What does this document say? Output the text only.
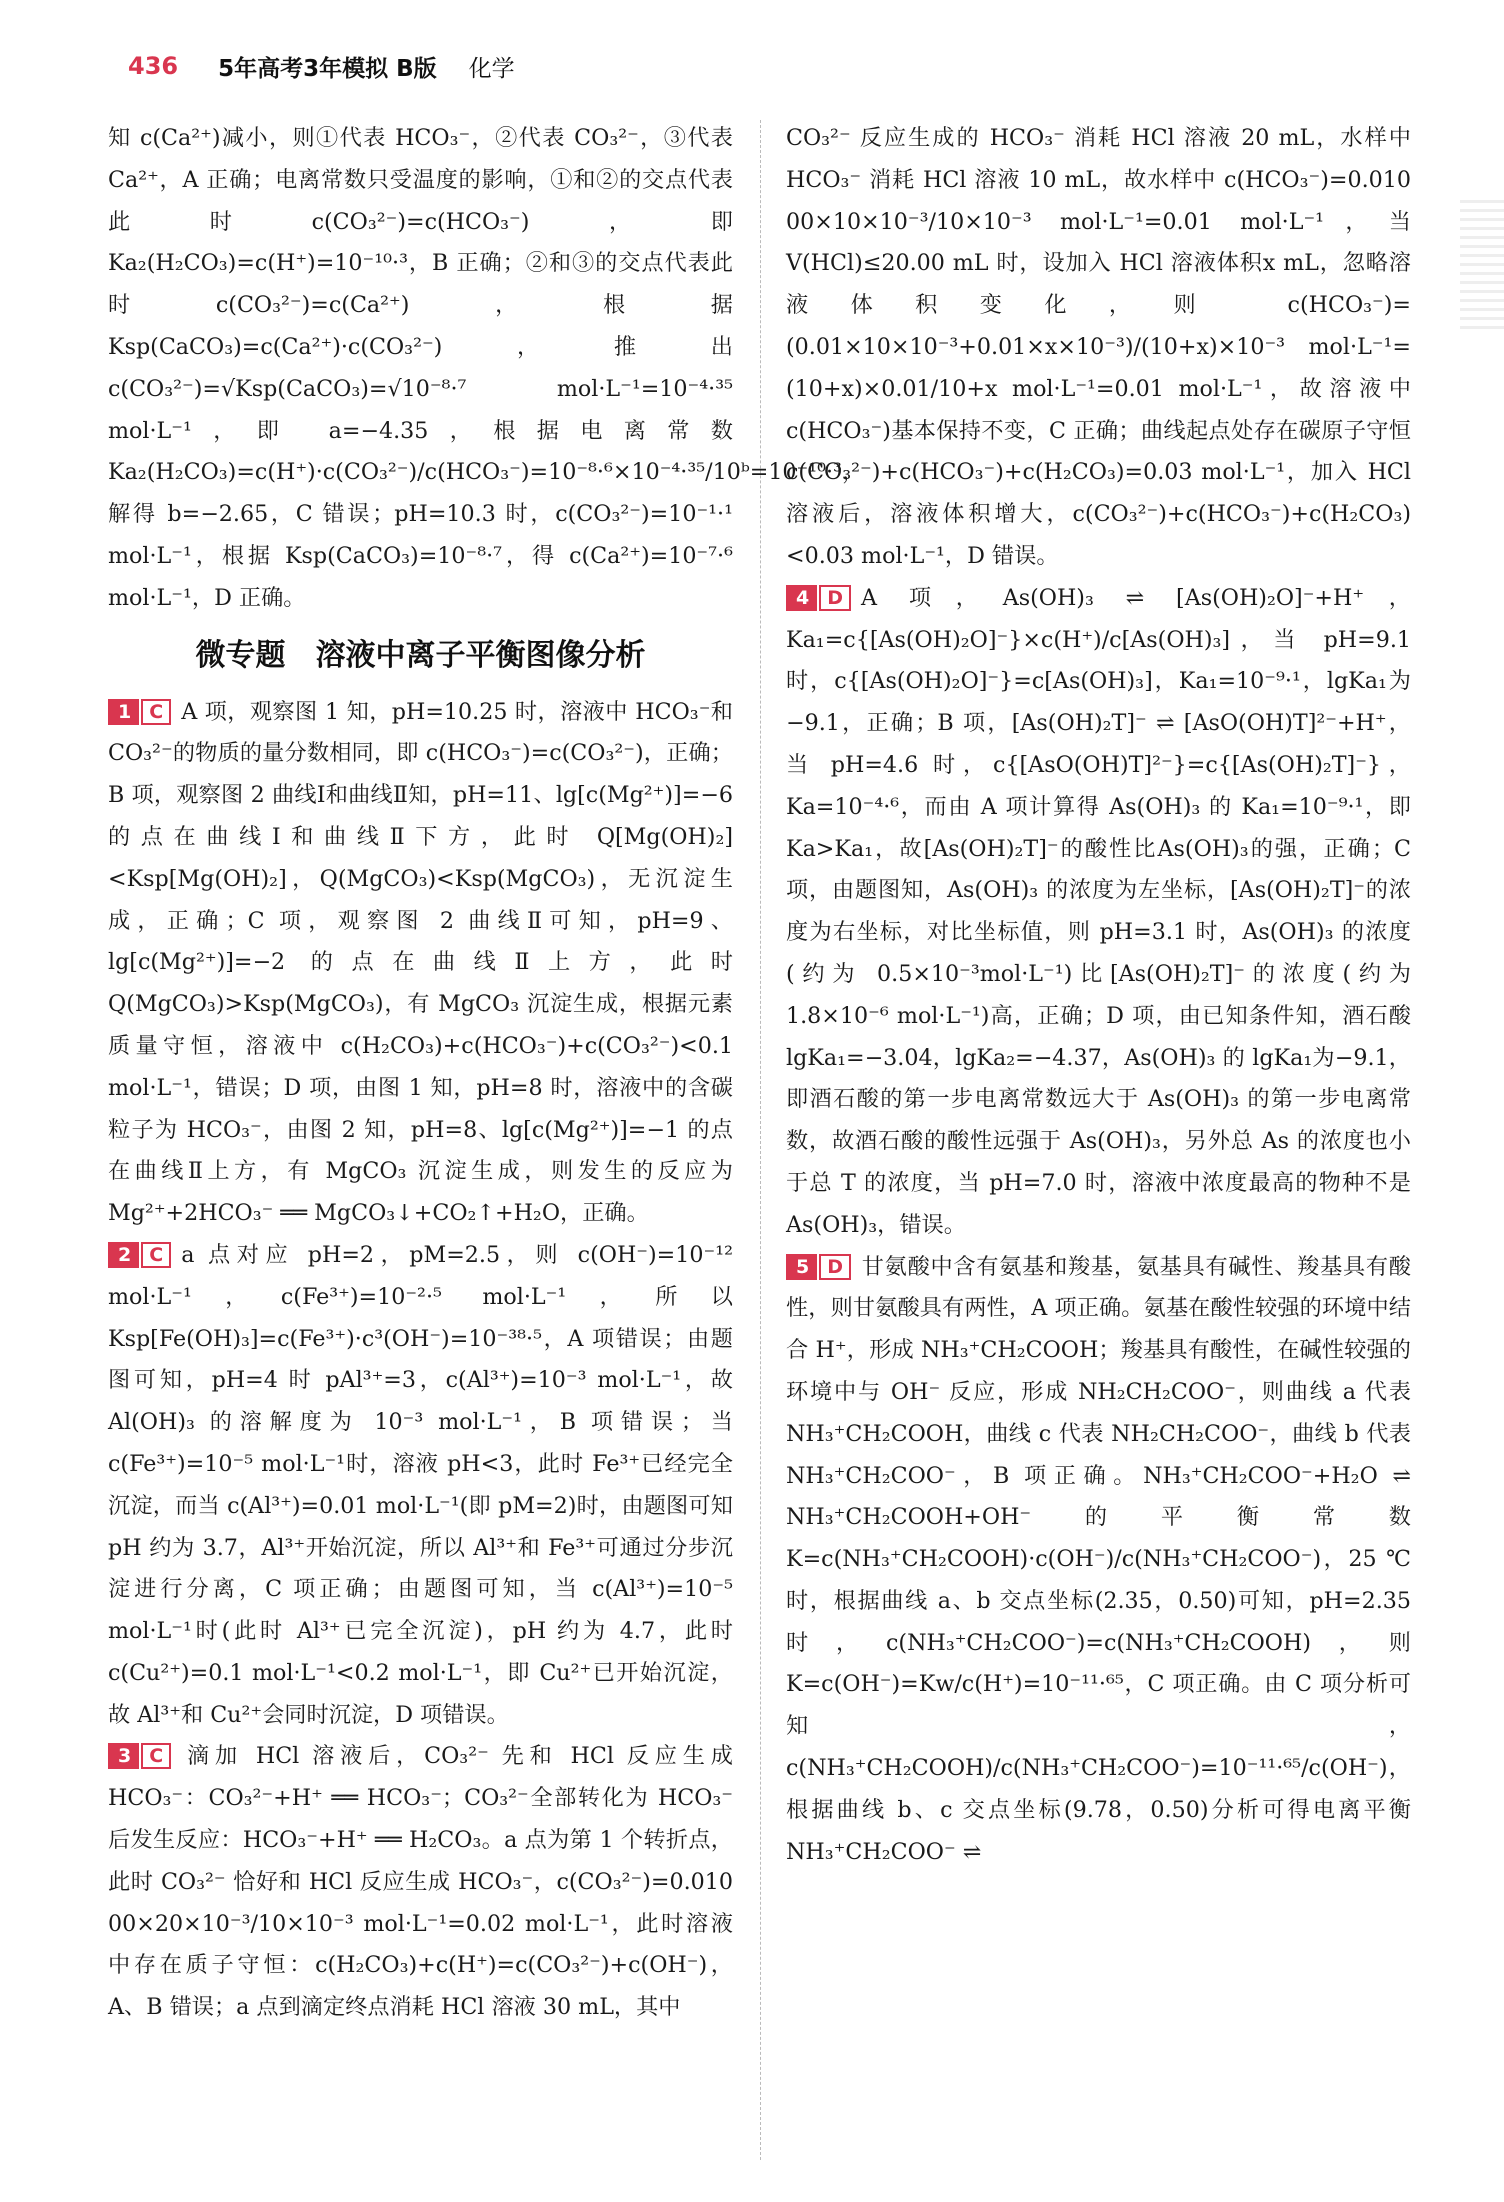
436 5年高考3年模拟 B版 化学

知 c(Ca²⁺)减小，则①代表 HCO₃⁻，②代表 CO₃²⁻，③代表 Ca²⁺，A 正确；电离常数只受温度的影响，①和②的交点代表此时c(CO₃²⁻)=c(HCO₃⁻)，即Ka₂(H₂CO₃)=c(H⁺)=10⁻¹⁰·³，B 正确；②和③的交点代表此时c(CO₃²⁻)=c(Ca²⁺)，根据 Ksp(CaCO₃)=c(Ca²⁺)·c(CO₃²⁻)，推出 c(CO₃²⁻)=√Ksp(CaCO₃)=√10⁻⁸·⁷ mol·L⁻¹=10⁻⁴·³⁵ mol·L⁻¹，即 a=−4.35，根据电离常数 Ka₂(H₂CO₃)=c(H⁺)·c(CO₃²⁻)/c(HCO₃⁻)=10⁻⁸·⁶×10⁻⁴·³⁵/10ᵇ=10⁻¹⁰·³，解得 b=−2.65，C 错误；pH=10.3 时，c(CO₃²⁻)=10⁻¹·¹ mol·L⁻¹，根据 Ksp(CaCO₃)=10⁻⁸·⁷，得 c(Ca²⁺)=10⁻⁷·⁶ mol·L⁻¹，D 正确。

微专题　溶液中离子平衡图像分析

1 C A 项，观察图 1 知，pH=10.25 时，溶液中 HCO₃⁻和 CO₃²⁻的物质的量分数相同，即 c(HCO₃⁻)=c(CO₃²⁻)，正确；B 项，观察图 2 曲线Ⅰ和曲线Ⅱ知，pH=11、lg[c(Mg²⁺)]=−6 的点在曲线Ⅰ和曲线Ⅱ下方，此时 Q[Mg(OH)₂]<Ksp[Mg(OH)₂]，Q(MgCO₃)<Ksp(MgCO₃)，无沉淀生成，正确；C 项，观察图 2 曲线Ⅱ可知，pH=9、lg[c(Mg²⁺)]=−2 的点在曲线Ⅱ上方，此时 Q(MgCO₃)>Ksp(MgCO₃)，有 MgCO₃ 沉淀生成，根据元素质量守恒，溶液中 c(H₂CO₃)+c(HCO₃⁻)+c(CO₃²⁻)<0.1 mol·L⁻¹，错误；D 项，由图 1 知，pH=8 时，溶液中的含碳粒子为 HCO₃⁻，由图 2 知，pH=8、lg[c(Mg²⁺)]=−1 的点在曲线Ⅱ上方，有 MgCO₃ 沉淀生成，则发生的反应为 Mg²⁺+2HCO₃⁻ ══ MgCO₃↓+CO₂↑+H₂O，正确。

2 C a 点对应 pH=2，pM=2.5，则 c(OH⁻)=10⁻¹² mol·L⁻¹，c(Fe³⁺)=10⁻²·⁵ mol·L⁻¹，所以 Ksp[Fe(OH)₃]=c(Fe³⁺)·c³(OH⁻)=10⁻³⁸·⁵，A 项错误；由题图可知，pH=4 时 pAl³⁺=3，c(Al³⁺)=10⁻³ mol·L⁻¹，故 Al(OH)₃ 的溶解度为 10⁻³ mol·L⁻¹，B 项错误；当 c(Fe³⁺)=10⁻⁵ mol·L⁻¹时，溶液 pH<3，此时 Fe³⁺已经完全沉淀，而当 c(Al³⁺)=0.01 mol·L⁻¹(即 pM=2)时，由题图可知 pH 约为 3.7，Al³⁺开始沉淀，所以 Al³⁺和 Fe³⁺可通过分步沉淀进行分离，C 项正确；由题图可知，当 c(Al³⁺)=10⁻⁵ mol·L⁻¹时(此时 Al³⁺已完全沉淀)，pH 约为 4.7，此时 c(Cu²⁺)=0.1 mol·L⁻¹<0.2 mol·L⁻¹，即 Cu²⁺已开始沉淀，故 Al³⁺和 Cu²⁺会同时沉淀，D 项错误。

3 C 滴加 HCl 溶液后，CO₃²⁻ 先和 HCl 反应生成 HCO₃⁻：CO₃²⁻+H⁺ ══ HCO₃⁻；CO₃²⁻全部转化为 HCO₃⁻ 后发生反应：HCO₃⁻+H⁺ ══ H₂CO₃。a 点为第 1 个转折点，此时 CO₃²⁻ 恰好和 HCl 反应生成 HCO₃⁻，c(CO₃²⁻)=0.010 00×20×10⁻³/10×10⁻³ mol·L⁻¹=0.02 mol·L⁻¹，此时溶液中存在质子守恒：c(H₂CO₃)+c(H⁺)=c(CO₃²⁻)+c(OH⁻)，A、B 错误；a 点到滴定终点消耗 HCl 溶液 30 mL，其中

CO₃²⁻ 反应生成的 HCO₃⁻ 消耗 HCl 溶液 20 mL，水样中 HCO₃⁻ 消耗 HCl 溶液 10 mL，故水样中 c(HCO₃⁻)=0.010 00×10×10⁻³/10×10⁻³ mol·L⁻¹=0.01 mol·L⁻¹，当V(HCl)≤20.00 mL 时，设加入 HCl 溶液体积x mL，忽略溶液体积变化，则 c(HCO₃⁻)=(0.01×10×10⁻³+0.01×x×10⁻³)/(10+x)×10⁻³ mol·L⁻¹=(10+x)×0.01/10+x mol·L⁻¹=0.01 mol·L⁻¹，故溶液中 c(HCO₃⁻)基本保持不变，C 正确；曲线起点处存在碳原子守恒 c(CO₃²⁻)+c(HCO₃⁻)+c(H₂CO₃)=0.03 mol·L⁻¹，加入 HCl 溶液后，溶液体积增大，c(CO₃²⁻)+c(HCO₃⁻)+c(H₂CO₃)<0.03 mol·L⁻¹，D 错误。

4 D A 项，As(OH)₃ ⇌ [As(OH)₂O]⁻+H⁺，Ka₁=c{[As(OH)₂O]⁻}×c(H⁺)/c[As(OH)₃]，当 pH=9.1 时，c{[As(OH)₂O]⁻}=c[As(OH)₃]，Ka₁=10⁻⁹·¹，lgKa₁为−9.1，正确；B 项，[As(OH)₂T]⁻ ⇌ [AsO(OH)T]²⁻+H⁺，当 pH=4.6 时，c{[AsO(OH)T]²⁻}=c{[As(OH)₂T]⁻}，Ka=10⁻⁴·⁶，而由 A 项计算得 As(OH)₃ 的 Ka₁=10⁻⁹·¹，即 Ka>Ka₁，故[As(OH)₂T]⁻的酸性比As(OH)₃的强，正确；C 项，由题图知，As(OH)₃ 的浓度为左坐标，[As(OH)₂T]⁻的浓度为右坐标，对比坐标值，则 pH=3.1 时，As(OH)₃ 的浓度(约为 0.5×10⁻³mol·L⁻¹)比[As(OH)₂T]⁻的浓度(约为 1.8×10⁻⁶ mol·L⁻¹)高，正确；D 项，由已知条件知，酒石酸 lgKa₁=−3.04，lgKa₂=−4.37，As(OH)₃ 的 lgKa₁为−9.1，即酒石酸的第一步电离常数远大于 As(OH)₃ 的第一步电离常数，故酒石酸的酸性远强于 As(OH)₃，另外总 As 的浓度也小于总 T 的浓度，当 pH=7.0 时，溶液中浓度最高的物种不是 As(OH)₃，错误。

5 D 甘氨酸中含有氨基和羧基，氨基具有碱性、羧基具有酸性，则甘氨酸具有两性，A 项正确。氨基在酸性较强的环境中结合 H⁺，形成 NH₃⁺CH₂COOH；羧基具有酸性，在碱性较强的环境中与 OH⁻ 反应，形成 NH₂CH₂COO⁻，则曲线 a 代表 NH₃⁺CH₂COOH，曲线 c 代表 NH₂CH₂COO⁻，曲线 b 代表 NH₃⁺CH₂COO⁻，B 项正确。NH₃⁺CH₂COO⁻+H₂O ⇌ NH₃⁺CH₂COOH+OH⁻的平衡常数 K=c(NH₃⁺CH₂COOH)·c(OH⁻)/c(NH₃⁺CH₂COO⁻)，25 ℃时，根据曲线 a、b 交点坐标(2.35，0.50)可知，pH=2.35 时，c(NH₃⁺CH₂COO⁻)=c(NH₃⁺CH₂COOH)，则 K=c(OH⁻)=Kw/c(H⁺)=10⁻¹¹·⁶⁵，C 项正确。由 C 项分析可知，c(NH₃⁺CH₂COOH)/c(NH₃⁺CH₂COO⁻)=10⁻¹¹·⁶⁵/c(OH⁻)，根据曲线 b、c 交点坐标(9.78，0.50)分析可得电离平衡 NH₃⁺CH₂COO⁻ ⇌
